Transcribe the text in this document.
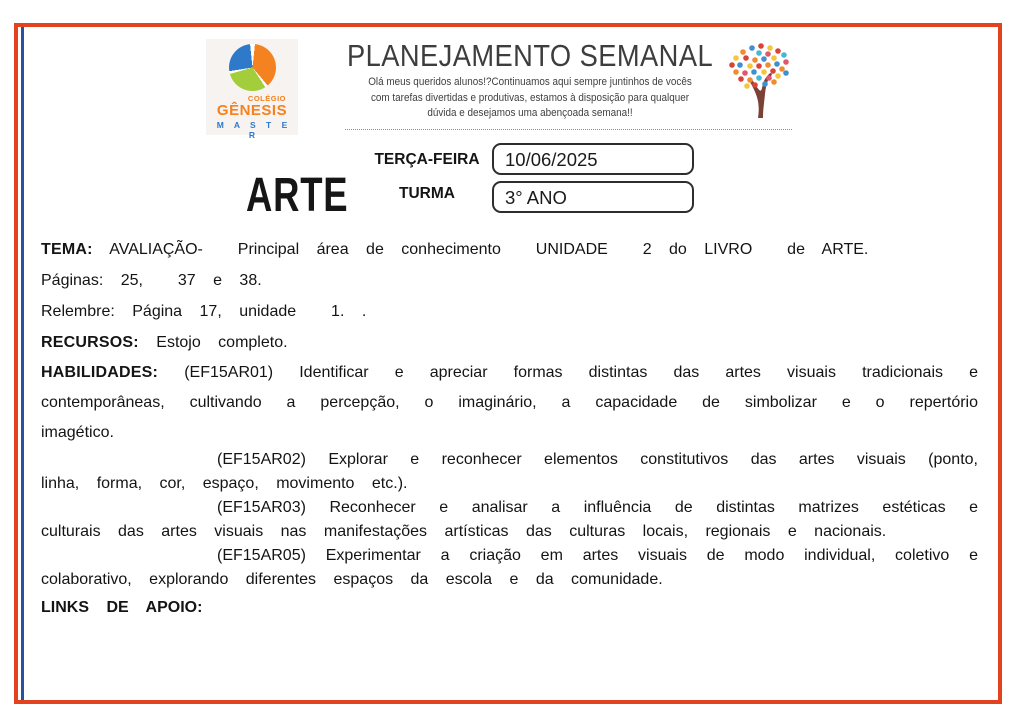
COLÉGIO
GÊNESIS
M A S T E R
PLANEJAMENTO SEMANAL
Olá meus queridos alunos!?Continuamos aqui sempre juntinhos de vocês
com tarefas divertidas e produtivas, estamos à disposição para qualquer
dúvida e desejamos uma abençoada semana!!
ARTE
TERÇA-FEIRA
TURMA
10/06/2025
3° ANO

TEMA: AVALIAÇÃO-  Principal área de conhecimento  UNIDADE  2 do LIVRO  de ARTE.

Páginas: 25,  37 e 38.

Relembre: Página 17, unidade  1. .

RECURSOS: Estojo completo.

HABILIDADES: (EF15AR01) Identificar e apreciar formas distintas das artes visuais tradicionais e contemporâneas, cultivando a percepção, o imaginário, a capacidade de simbolizar e o repertório imagético.

(EF15AR02) Explorar e reconhecer elementos constitutivos das artes visuais (ponto, linha, forma, cor, espaço, movimento etc.).

(EF15AR03) Reconhecer e analisar a influência de distintas matrizes estéticas e culturais das artes visuais nas manifestações artísticas das culturas locais, regionais e nacionais.

(EF15AR05) Experimentar a criação em artes visuais de modo individual, coletivo e colaborativo, explorando diferentes espaços da escola e da comunidade.

LINKS DE APOIO:
